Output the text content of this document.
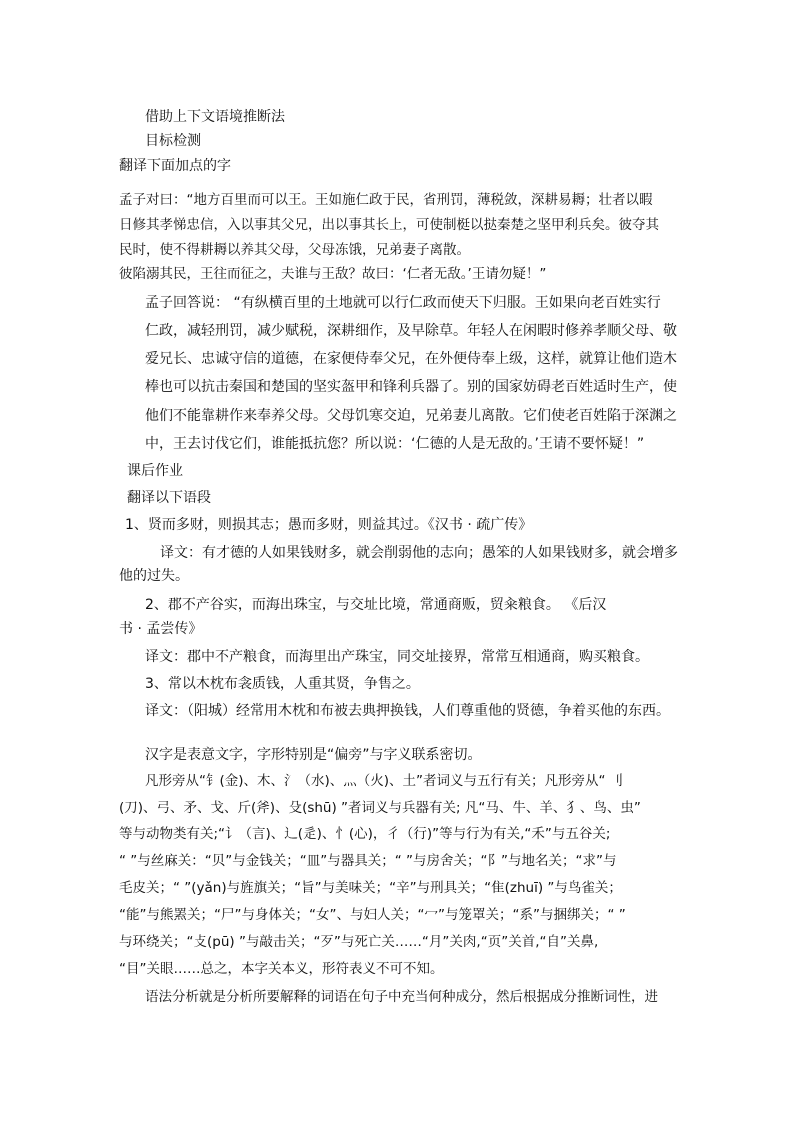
借助上下文语境推断法
目标检测
翻译下面加点的字
孟子对曰：“地方百里而可以王。王如施仁政于民，省刑罚，薄税敛，深耕易耨；壮者以暇
日修其孝悌忠信，入以事其父兄，出以事其长上，可使制梃以挞秦楚之坚甲利兵矣。彼夺其
民时，使不得耕耨以养其父母，父母冻饿，兄弟妻子离散。
彼陷溺其民，王往而征之，夫谁与王敌？故曰：‘仁者无敌。’王请勿疑！”
孟子回答说： “有纵横百里的土地就可以行仁政而使天下归服。王如果向老百姓实行
仁政，减轻刑罚，减少赋税，深耕细作，及早除草。年轻人在闲暇时修养孝顺父母、敬
爱兄长、忠诚守信的道德，在家便侍奉父兄，在外便侍奉上级，这样，就算让他们造木
棒也可以抗击秦国和楚国的坚实盔甲和锋利兵器了。别的国家妨碍老百姓适时生产，使
他们不能靠耕作来奉养父母。父母饥寒交迫，兄弟妻儿离散。它们使老百姓陷于深渊之
中，王去讨伐它们，谁能抵抗您？所以说：‘仁德的人是无敌的。’王请不要怀疑！”
课后作业
翻译以下语段
1、贤而多财，则损其志；愚而多财，则益其过。《汉书 · 疏广传》
译文：有才德的人如果钱财多，就会削弱他的志向；愚笨的人如果钱财多，就会增多
他的过失。
2、郡不产谷实，而海出珠宝，与交址比境，常通商贩，贸籴粮食。 《后汉
书 · 孟尝传》
译文：郡中不产粮食，而海里出产珠宝，同交址接界，常常互相通商，购买粮食。
3、常以木枕布衾质钱，人重其贤，争售之。
译文：（阳城）经常用木枕和布被去典押换钱，人们尊重他的贤德，争着买他的东西。
汉字是表意文字，字形特别是“偏旁”与字义联系密切。
凡形旁从“钅(金)、木、氵（水)、灬（火)、土”者词义与五行有关；凡形旁从“ 刂
(刀)、弓、矛、戈、斤(斧)、殳(shū) ”者词义与兵器有关; 凡“马、牛、羊、犭、鸟、虫”
等与动物类有关;“讠（言)、辶(辵)、忄(心)，彳（行)”等与行为有关,“禾”与五谷关;
“ ”与丝麻关：“贝”与金钱关；“皿”与器具关；“ ”与房舍关；“阝”与地名关；“求”与
毛皮关；“ ”(yǎn)与旌旗关；“旨”与美味关；“辛”与刑具关；“隹(zhuī) ”与鸟雀关；
“能”与熊罴关；“尸”与身体关；“女”、与妇人关；“冖”与笼罩关；“系”与捆绑关；“ ”
与环绕关；“攴(pū) ”与敲击关；“歹”与死亡关……“月”关肉,“页”关首,“自”关鼻,
“目”关眼……总之，本字关本义，形符表义不可不知。
语法分析就是分析所要解释的词语在句子中充当何种成分，然后根据成分推断词性，进
